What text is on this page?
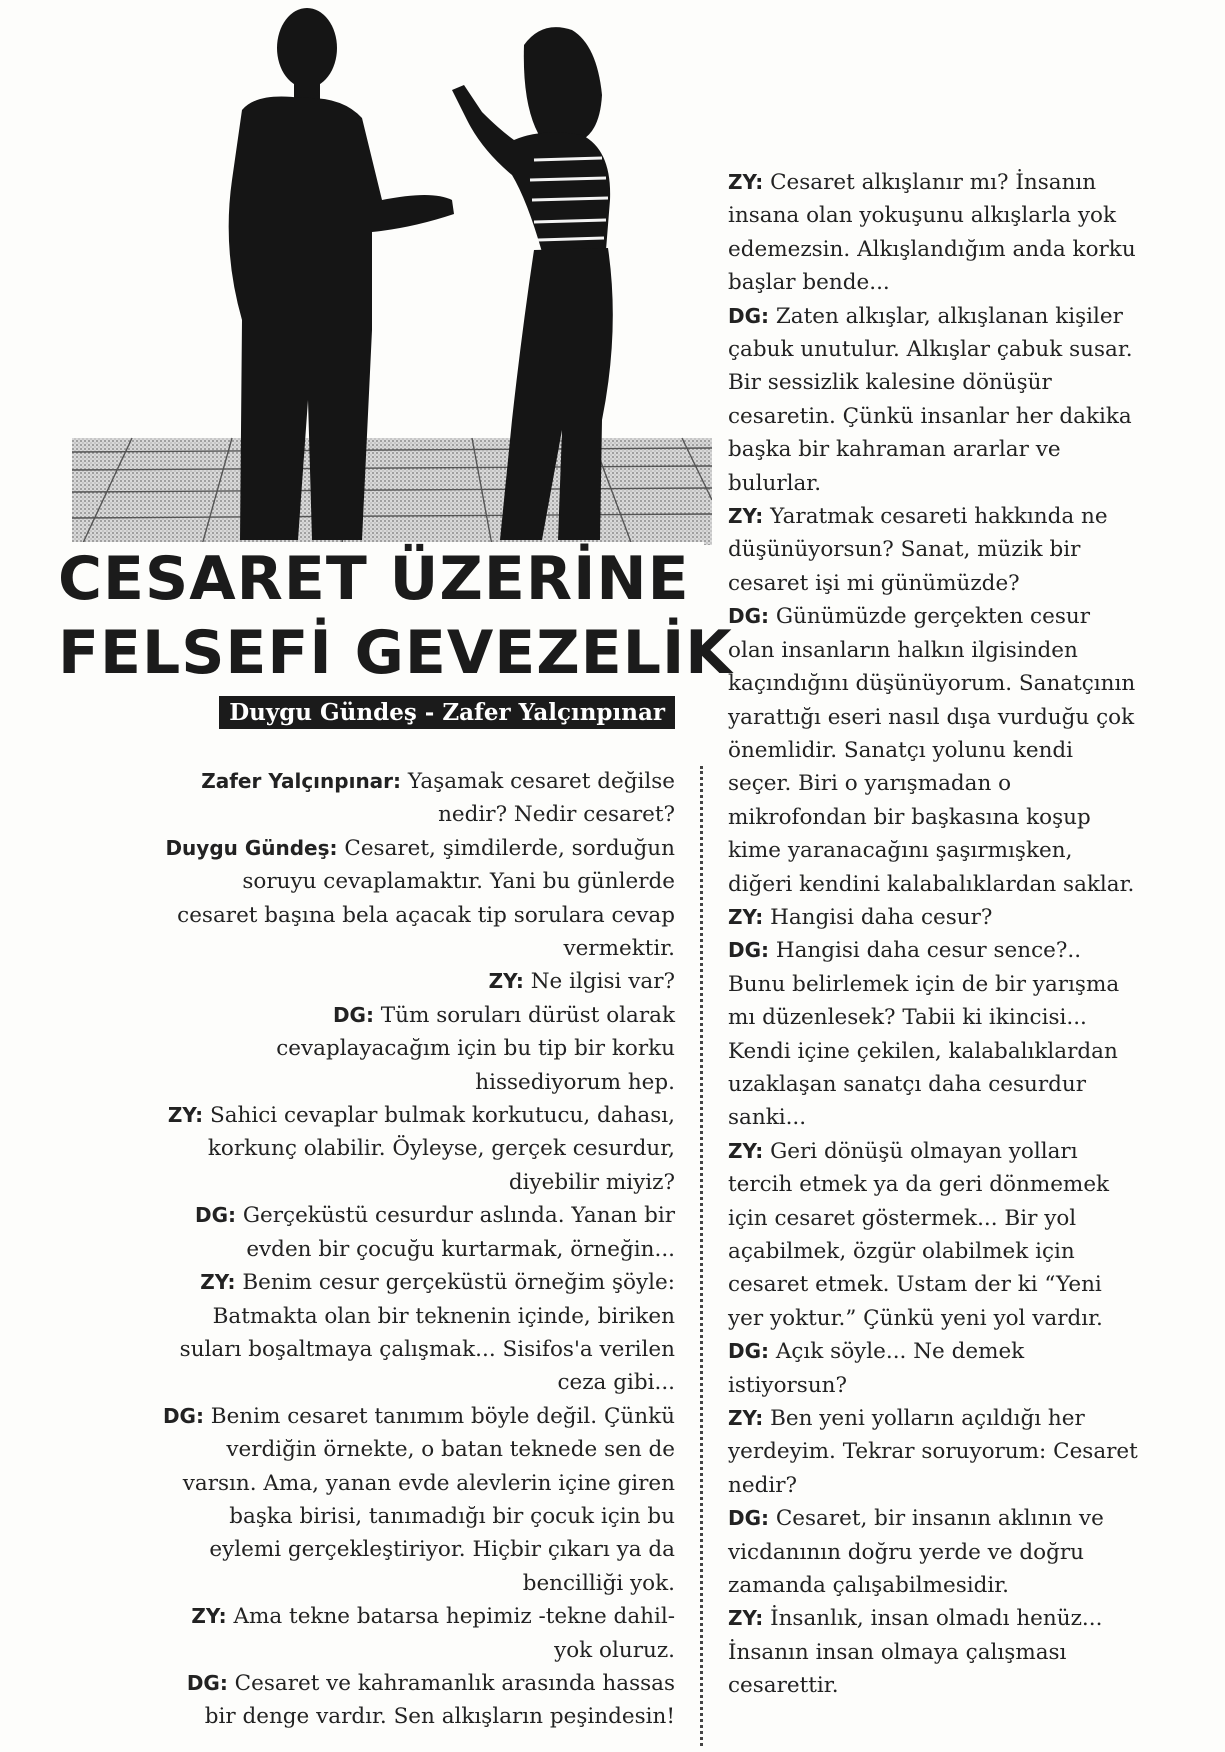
CESARET ÜZERİNE
FELSEFİ GEVEZELİK
Duygu Gündeş - Zafer Yalçınpınar

Zafer Yalçınpınar: Yaşamak cesaret değilse nedir? Nedir cesaret?

Duygu Gündeş: Cesaret, şimdilerde, sorduğun soruyu cevaplamaktır. Yani bu günlerde cesaret başına bela açacak tip sorulara cevap vermektir.

ZY: Ne ilgisi var?

DG: Tüm soruları dürüst olarak cevaplayacağım için bu tip bir korku hissediyorum hep.

ZY: Sahici cevaplar bulmak korkutucu, dahası, korkunç olabilir. Öyleyse, gerçek cesurdur, diyebilir miyiz?

DG: Gerçeküstü cesurdur aslında. Yanan bir evden bir çocuğu kurtarmak, örneğin...

ZY: Benim cesur gerçeküstü örneğim şöyle: Batmakta olan bir teknenin içinde, biriken suları boşaltmaya çalışmak... Sisifos'a verilen ceza gibi...

DG: Benim cesaret tanımım böyle değil. Çünkü verdiğin örnekte, o batan teknede sen de varsın. Ama, yanan evde alevlerin içine giren başka birisi, tanımadığı bir çocuk için bu eylemi gerçekleştiriyor. Hiçbir çıkarı ya da bencilliği yok.

ZY: Ama tekne batarsa hepimiz -tekne dahil- yok oluruz.

DG: Cesaret ve kahramanlık arasında hassas bir denge vardır. Sen alkışların peşindesin!

ZY: Cesaret alkışlanır mı? İnsanın insana olan yokuşunu alkışlarla yok edemezsin. Alkışlandığım anda korku başlar bende...

DG: Zaten alkışlar, alkışlanan kişiler çabuk unutulur. Alkışlar çabuk susar. Bir sessizlik kalesine dönüşür cesaretin. Çünkü insanlar her dakika başka bir kahraman ararlar ve bulurlar.

ZY: Yaratmak cesareti hakkında ne düşünüyorsun? Sanat, müzik bir cesaret işi mi günümüzde?

DG: Günümüzde gerçekten cesur olan insanların halkın ilgisinden kaçındığını düşünüyorum. Sanatçının yarattığı eseri nasıl dışa vurduğu çok önemlidir. Sanatçı yolunu kendi seçer. Biri o yarışmadan o mikrofondan bir başkasına koşup kime yaranacağını şaşırmışken, diğeri kendini kalabalıklardan saklar.

ZY: Hangisi daha cesur?

DG: Hangisi daha cesur sence?.. Bunu belirlemek için de bir yarışma mı düzenlesek? Tabii ki ikincisi... Kendi içine çekilen, kalabalıklardan uzaklaşan sanatçı daha cesurdur sanki...

ZY: Geri dönüşü olmayan yolları tercih etmek ya da geri dönmemek için cesaret göstermek... Bir yol açabilmek, özgür olabilmek için cesaret etmek. Ustam der ki “Yeni yer yoktur.” Çünkü yeni yol vardır.

DG: Açık söyle... Ne demek istiyorsun?

ZY: Ben yeni yolların açıldığı her yerdeyim. Tekrar soruyorum: Cesaret nedir?

DG: Cesaret, bir insanın aklının ve vicdanının doğru yerde ve doğru zamanda çalışabilmesidir.

ZY: İnsanlık, insan olmadı henüz... İnsanın insan olmaya çalışması cesarettir.
